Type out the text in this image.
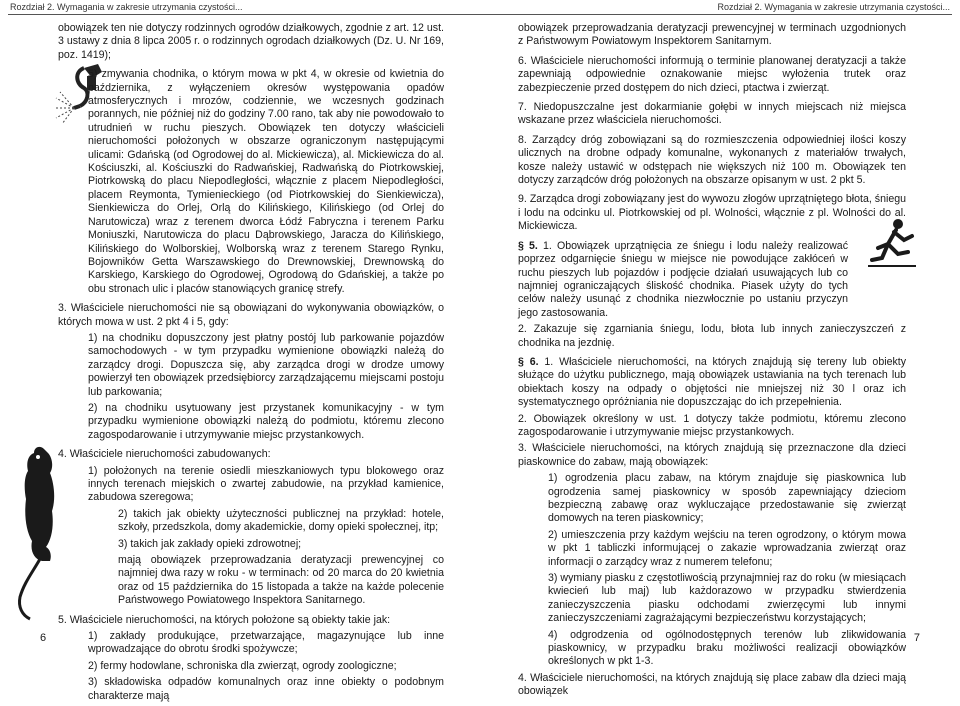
Rozdział 2. Wymagania w zakresie utrzymania czystości...

obowiązek ten nie dotyczy rodzinnych ogrodów działkowych, zgodnie z art. 12 ust. 3 ustawy z dnia 8 lipca 2005 r. o rodzinnych ogrodach działkowych (Dz. U. Nr 169, poz. 1419);

5) zmywania chodnika, o którym mowa w pkt 4, w okresie od kwietnia do października, z wyłączeniem okresów występowania opadów atmosferycznych i mrozów, codziennie, we wczesnych godzinach porannych, nie później niż do godziny 7.00 rano, tak aby nie powodowało to utrudnień w ruchu pieszych. Obowiązek ten dotyczy właścicieli nieruchomości położonych w obszarze ograniczonym następującymi ulicami: Gdańską (od Ogrodowej do al. Mickiewicza), al. Mickiewicza do al. Kościuszki, al. Kościuszki do Radwańskiej, Radwańską do Piotrkowskiej, Piotrkowską do placu Niepodległości, włącznie z placem Niepodległości, placem Reymonta, Tymienieckiego (od Piotrkowskiej do Sienkiewicza), Sienkiewicza do Orlej, Orlą do Kilińskiego, Kilińskiego (od Orlej do Narutowicza) wraz z terenem dworca Łódź Fabryczna i terenem Parku Moniuszki, Narutowicza do placu Dąbrowskiego, Jaracza do Kilińskiego, Kilińskiego do Wolborskiej, Wolborską wraz z terenem Starego Rynku, Bojowników Getta Warszawskiego do Drewnowskiej, Drewnowską do Karskiego, Karskiego do Ogrodowej, Ogrodową do Gdańskiej, a także po obu stronach ulic i placów stanowiących granicę strefy.

3. Właściciele nieruchomości nie są obowiązani do wykonywania obowiązków, o których mowa w ust. 2 pkt 4 i 5, gdy:

1) na chodniku dopuszczony jest płatny postój lub parkowanie pojazdów samochodowych - w tym przypadku wymienione obowiązki należą do zarządcy drogi. Dopuszcza się, aby zarządca drogi w drodze umowy powierzył ten obowiązek przedsiębiorcy zarządzającemu miejscami postoju lub parkowania;

2) na chodniku usytuowany jest przystanek komunikacyjny - w tym przypadku wymienione obowiązki należą do podmiotu, któremu zlecono zagospodarowanie i utrzymywanie miejsc przystankowych.

4. Właściciele nieruchomości zabudowanych:

1) położonych na terenie osiedli mieszkaniowych typu blokowego oraz innych terenach miejskich o zwartej zabudowie, na przykład kamienice, zabudowa szeregowa;

2) takich jak obiekty użyteczności publicznej na przykład: hotele, szkoły, przedszkola, domy akademickie, domy opieki społecznej, itp;

3) takich jak zakłady opieki zdrowotnej;

mają obowiązek przeprowadzania deratyzacji prewencyjnej co najmniej dwa razy w roku - w terminach: od 20 marca do 20 kwietnia oraz od 15 października do 15 listopada a także na każde polecenie Państwowego Powiatowego Inspektora Sanitarnego.

5. Właściciele nieruchomości, na których położone są obiekty takie jak:

1) zakłady produkujące, przetwarzające, magazynujące lub inne wprowadzające do obrotu środki spożywcze;

2) fermy hodowlane, schroniska dla zwierząt, ogrody zoologiczne;

3) składowiska odpadów komunalnych oraz inne obiekty o podobnym charakterze mają

6
Rozdział 2. Wymagania w zakresie utrzymania czystości...

obowiązek przeprowadzania deratyzacji prewencyjnej w terminach uzgodnionych z Państwowym Powiatowym Inspektorem Sanitarnym.

6. Właściciele nieruchomości informują o terminie planowanej deratyzacji a także zapewniają odpowiednie oznakowanie miejsc wyłożenia trutek oraz zabezpieczenie przed dostępem do nich dzieci, ptactwa i zwierząt.

7. Niedopuszczalne jest dokarmianie gołębi w innych miejscach niż miejsca wskazane przez właściciela nieruchomości.

8. Zarządcy dróg zobowiązani są do rozmieszczenia odpowiedniej ilości koszy ulicznych na drobne odpady komunalne, wykonanych z materiałów trwałych, kosze należy ustawić w odstępach nie większych niż 100 m. Obowiązek ten dotyczy zarządców dróg położonych na obszarze opisanym w ust. 2 pkt 5.

9. Zarządca drogi zobowiązany jest do wywozu złogów uprzątniętego błota, śniegu i lodu na odcinku ul. Piotrkowskiej od pl. Wolności, włącznie z pl. Wolności do al. Mickiewicza.

§ 5. 1. Obowiązek uprzątnięcia ze śniegu i lodu należy realizować poprzez odgarnięcie śniegu w miejsce nie powodujące zakłóceń w ruchu pieszych lub pojazdów i podjęcie działań usuwających lub co najmniej ograniczających śliskość chodnika. Piasek użyty do tych celów należy usunąć z chodnika niezwłocznie po ustaniu przyczyn jego zastosowania.

2. Zakazuje się zgarniania śniegu, lodu, błota lub innych zanieczyszczeń z chodnika na jezdnię.

§ 6. 1. Właściciele nieruchomości, na których znajdują się tereny lub obiekty służące do użytku publicznego, mają obowiązek ustawiania na tych terenach lub obiektach koszy na odpady o objętości nie mniejszej niż 30 l oraz ich systematycznego opróżniania nie dopuszczając do ich przepełnienia.

2. Obowiązek określony w ust. 1 dotyczy także podmiotu, któremu zlecono zagospodarowanie i utrzymywanie miejsc przystankowych.

3. Właściciele nieruchomości, na których znajdują się przeznaczone dla dzieci piaskownice do zabaw, mają obowiązek:

1) ogrodzenia placu zabaw, na którym znajduje się piaskownica lub ogrodzenia samej piaskownicy w sposób zapewniający dzieciom bezpieczną zabawę oraz wykluczające przedostawanie się zwierząt domowych na teren piaskownicy;

2) umieszczenia przy każdym wejściu na teren ogrodzony, o którym mowa w pkt 1 tabliczki informującej o zakazie wprowadzania zwierząt oraz informacji o zarządcy wraz z numerem telefonu;

3) wymiany piasku z częstotliwością przynajmniej raz do roku (w miesiącach kwiecień lub maj) lub każdorazowo w przypadku stwierdzenia zanieczyszczenia piasku odchodami zwierzęcymi lub innymi zanieczyszczeniami zagrażającymi bezpieczeństwu korzystających;

4) odgrodzenia od ogólnodostępnych terenów lub zlikwidowania piaskownicy, w przypadku braku możliwości realizacji obowiązków określonych w pkt 1-3.

4. Właściciele nieruchomości, na których znajdują się place zabaw dla dzieci mają obowiązek

7
